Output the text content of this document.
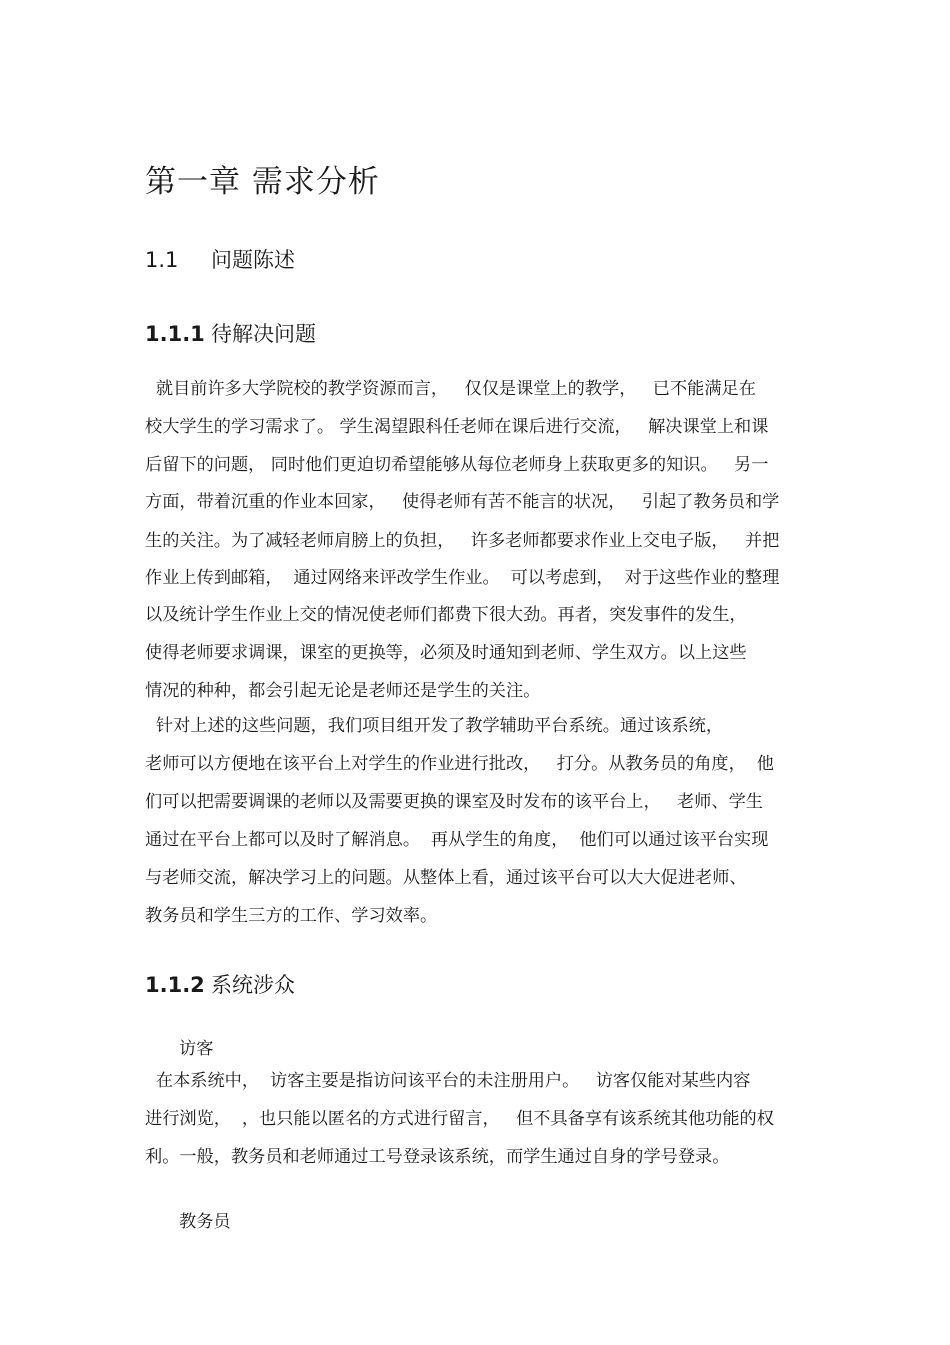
第一章 需求分析
1.1 问题陈述
1.1.1 待解决问题
就目前许多大学院校的教学资源而言，   仅仅是课堂上的教学，   已不能满足在
校大学生的学习需求了。 学生渴望跟科任老师在课后进行交流，   解决课堂上和课
后留下的问题， 同时他们更迫切希望能够从每位老师身上获取更多的知识。   另一
方面，带着沉重的作业本回家，   使得老师有苦不能言的状况，   引起了教务员和学
生的关注。为了减轻老师肩膀上的负担，   许多老师都要求作业上交电子版，   并把
作业上传到邮箱，  通过网络来评改学生作业。  可以考虑到，  对于这些作业的整理
以及统计学生作业上交的情况使老师们都费下很大劲。再者，突发事件的发生，
使得老师要求调课，课室的更换等，必须及时通知到老师、学生双方。以上这些
情况的种种，都会引起无论是老师还是学生的关注。
针对上述的这些问题，我们项目组开发了教学辅助平台系统。通过该系统，
老师可以方便地在该平台上对学生的作业进行批改，   打分。从教务员的角度，  他
们可以把需要调课的老师以及需要更换的课室及时发布的该平台上，   老师、学生
通过在平台上都可以及时了解消息。  再从学生的角度，  他们可以通过该平台实现
与老师交流，解决学习上的问题。从整体上看，通过该平台可以大大促进老师、
教务员和学生三方的工作、学习效率。
1.1.2 系统涉众
访客
在本系统中，  访客主要是指访问该平台的未注册用户。   访客仅能对某些内容
进行浏览，  ，也只能以匿名的方式进行留言，   但不具备享有该系统其他功能的权
利。一般，教务员和老师通过工号登录该系统，而学生通过自身的学号登录。
教务员
